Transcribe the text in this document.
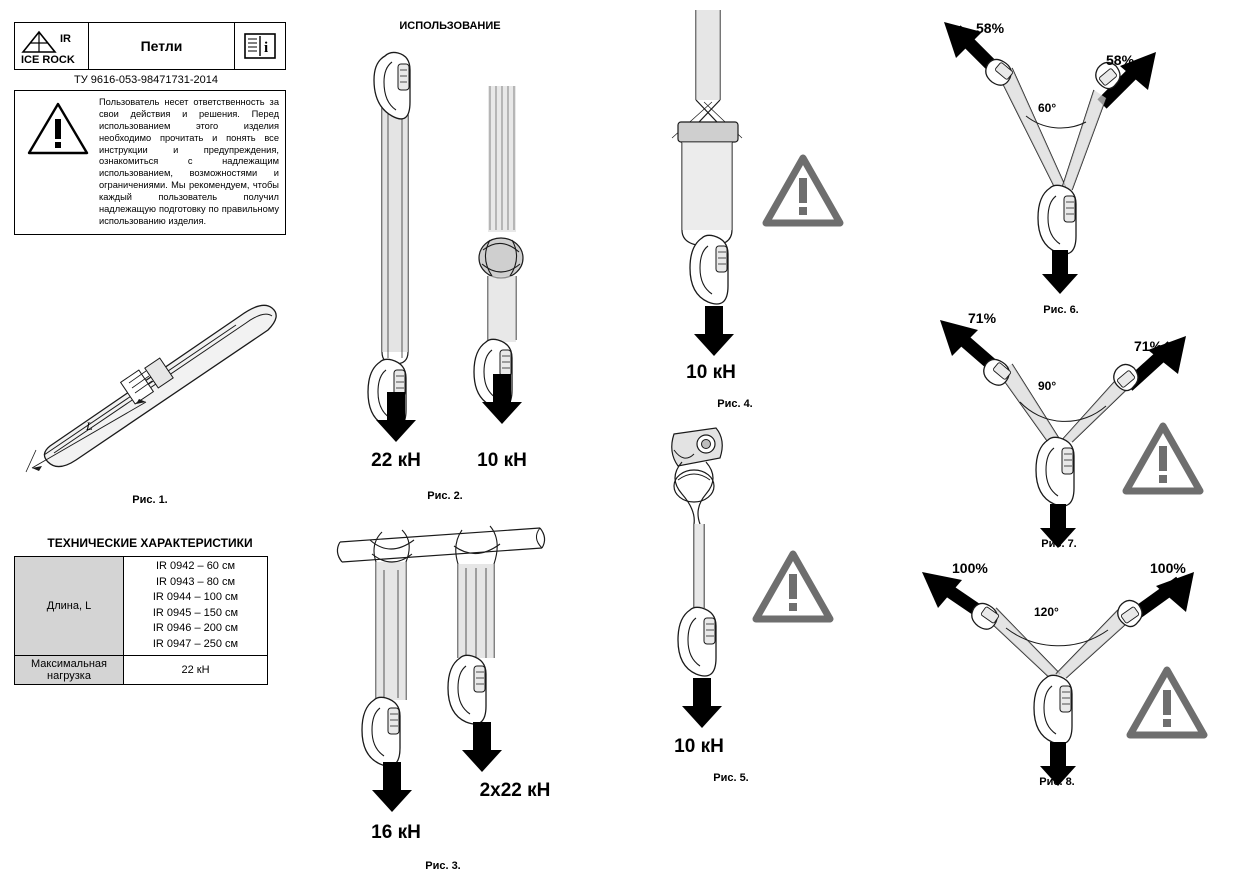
IR
ICE ROCK
Петли	i
ТУ 9616-053-98471731-2014
Пользователь несет ответственность за свои действия и решения. Перед использованием этого изделия необходимо прочитать и понять все инструкции и предупреждения, ознакомиться с надлежащим использованием, возможностями и ограничениями. Мы рекомендуем, чтобы каждый пользователь получил надлежащую подготовку по правильному использованию изделия.
L
Рис. 1.
ТЕХНИЧЕСКИЕ ХАРАКТЕРИСТИКИ
Длина, L	
IR 0942 – 60 см
IR 0943 – 80 см
IR 0944 – 100 см
IR 0945 – 150 см
IR 0946 – 200 см
IR 0947 – 250 см

Максимальная нагрузка	22 кН
ИСПОЛЬЗОВАНИЕ
22 кН	10 кН
Рис. 2.
2x22 кН
16 кН
Рис. 3.
10 кН
Рис. 4.
10 кН
Рис. 5.
60°
58%
58%
Рис. 6.
90°
71%
71%
Рис. 7.
120°
100%	100%
Рис. 8.
